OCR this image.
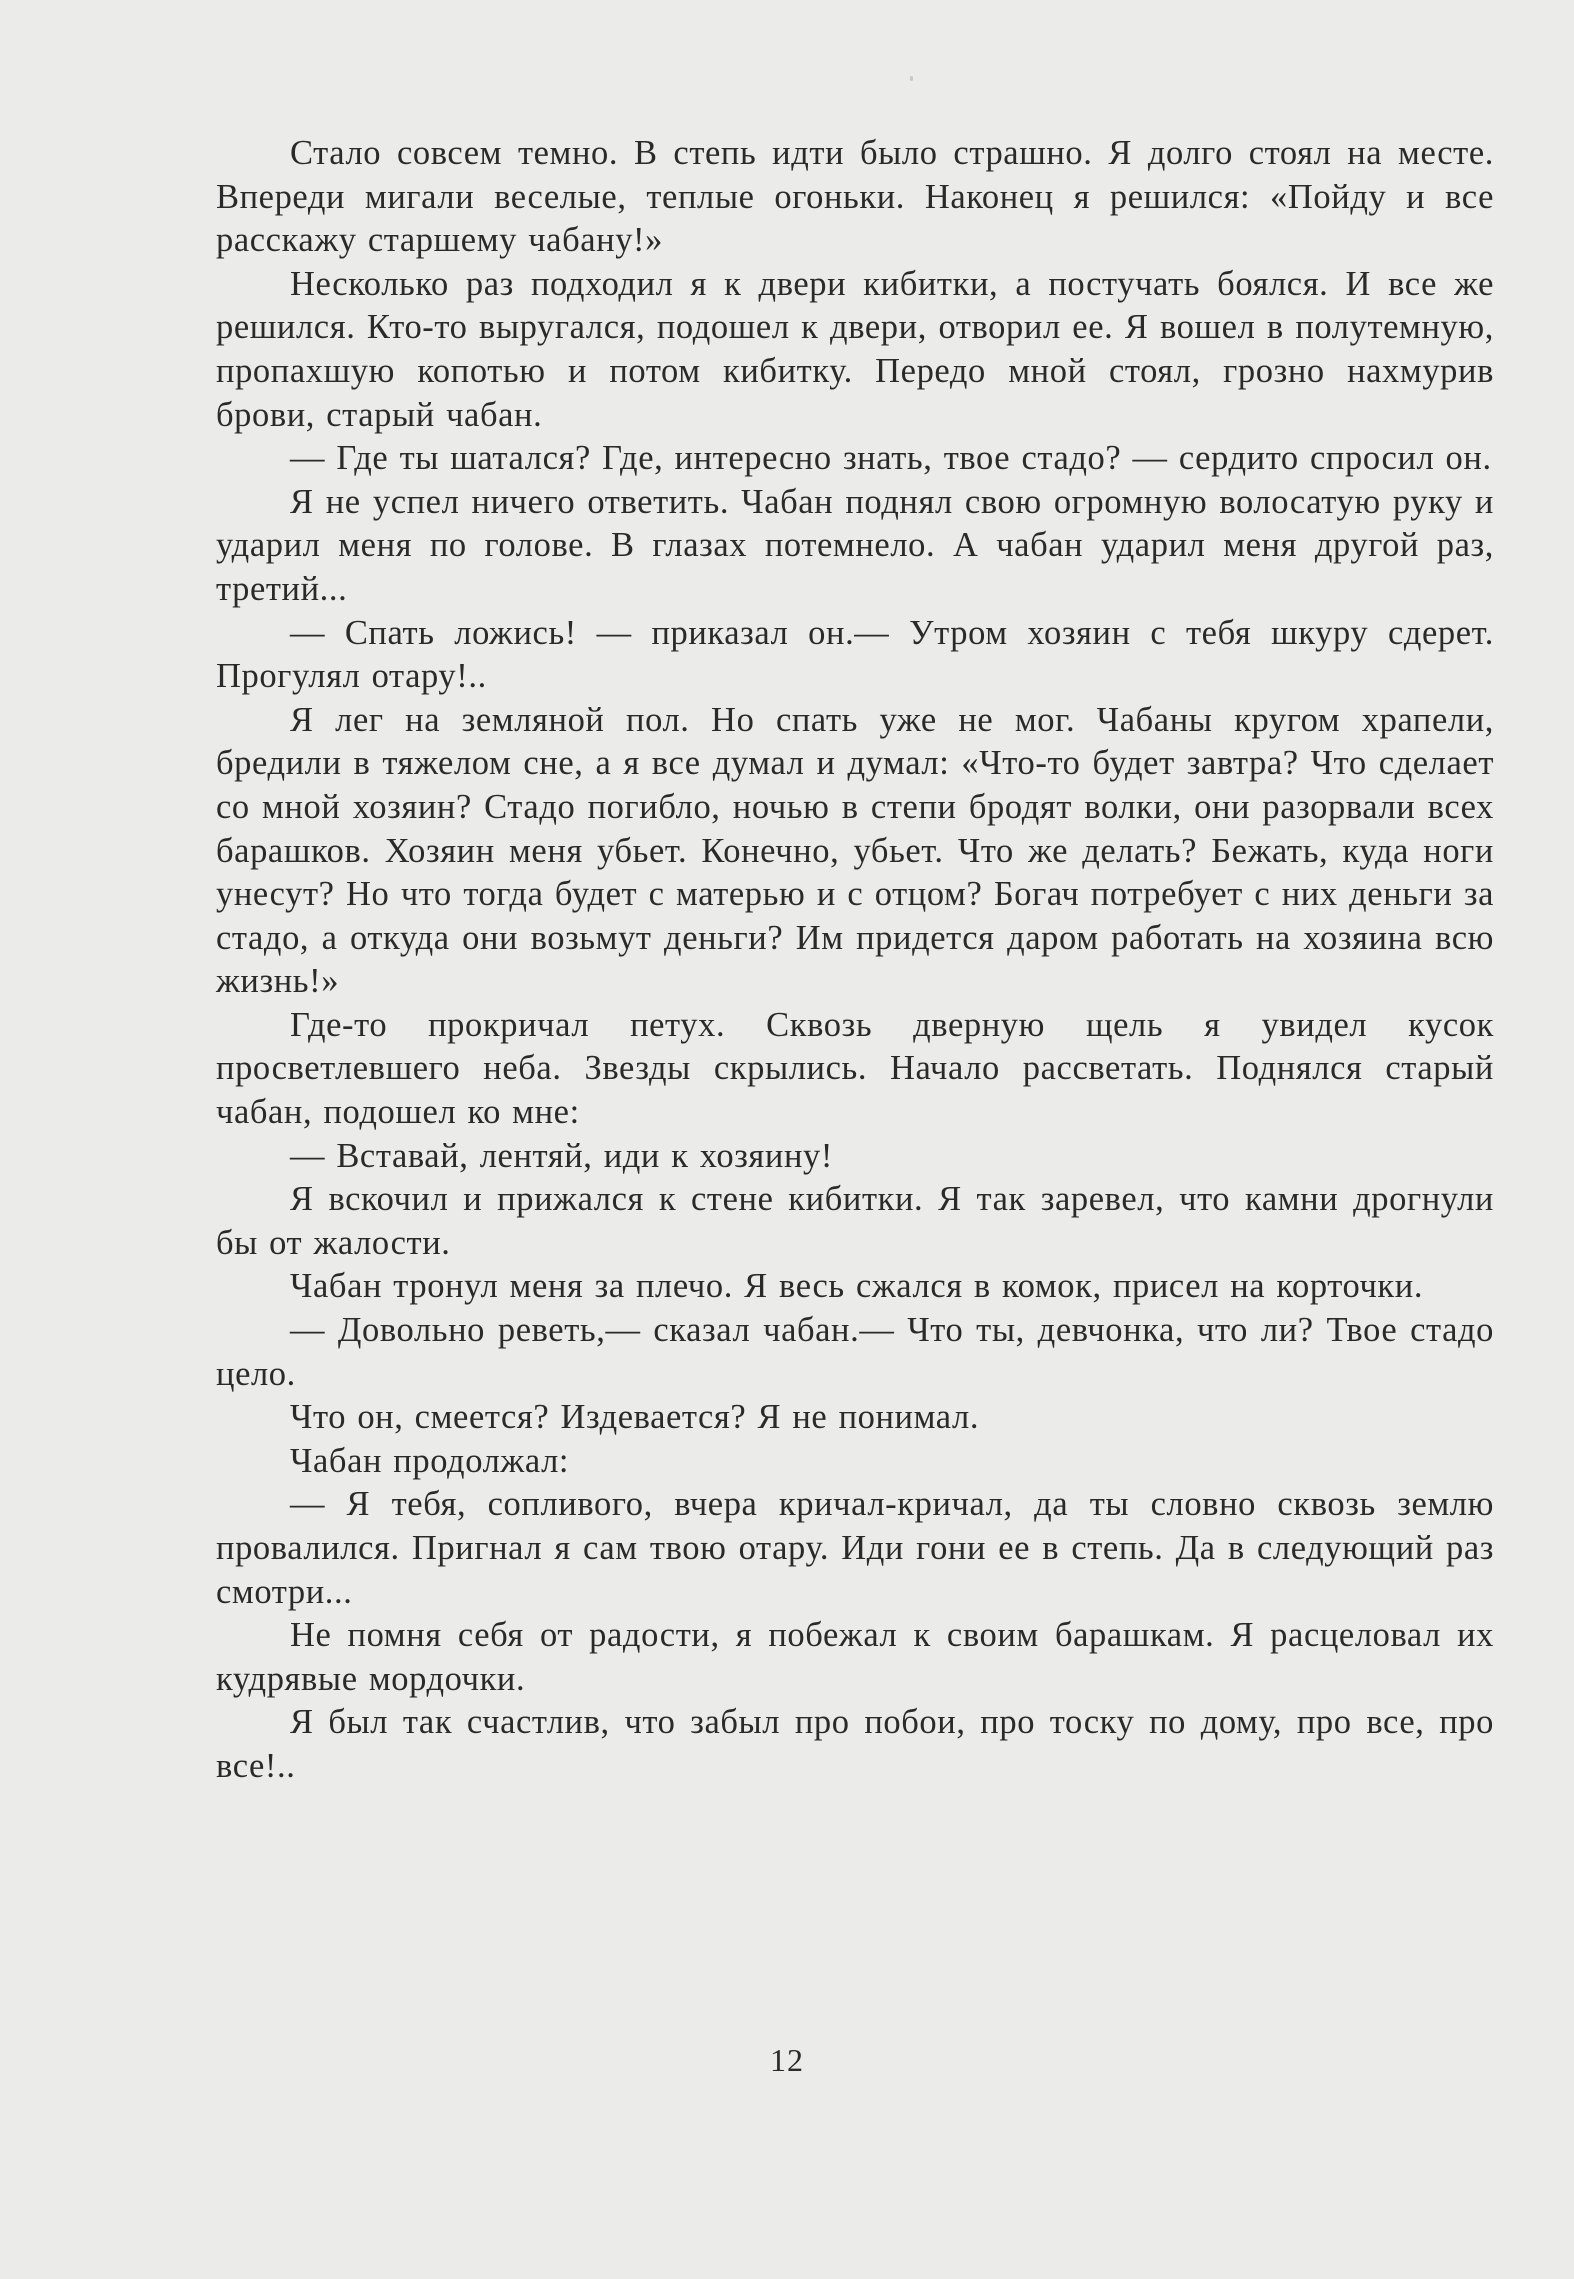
Стало совсем темно. В степь идти было страшно. Я долго стоял на месте. Впереди мигали веселые, теплые огоньки. Наконец я решился: «Пойду и все расскажу старшему чабану!»

Несколько раз подходил я к двери кибитки, а постучать боялся. И все же решился. Кто-то выругался, подошел к двери, отворил ее. Я вошел в полутемную, пропахшую копотью и потом кибитку. Передо мной стоял, грозно нахмурив брови, старый чабан.

— Где ты шатался? Где, интересно знать, твое стадо? — сердито спросил он.

Я не успел ничего ответить. Чабан поднял свою огромную волосатую руку и ударил меня по голове. В глазах потемнело. А чабан ударил меня другой раз, третий...

— Спать ложись! — приказал он.— Утром хозяин с тебя шкуру сдерет. Прогулял отару!..

Я лег на земляной пол. Но спать уже не мог. Чабаны кругом храпели, бредили в тяжелом сне, а я все думал и думал: «Что-то будет завтра? Что сделает со мной хозяин? Стадо погибло, ночью в степи бродят волки, они разорвали всех барашков. Хозяин меня убьет. Конечно, убьет. Что же делать? Бежать, куда ноги унесут? Но что тогда будет с матерью и с отцом? Богач потребует с них деньги за стадо, а откуда они возьмут деньги? Им придется даром работать на хозяина всю жизнь!»

Где-то прокричал петух. Сквозь дверную щель я увидел кусок просветлевшего неба. Звезды скрылись. Начало рассветать. Поднялся старый чабан, подошел ко мне:

— Вставай, лентяй, иди к хозяину!

Я вскочил и прижался к стене кибитки. Я так заревел, что камни дрогнули бы от жалости.

Чабан тронул меня за плечо. Я весь сжался в комок, присел на корточки.

— Довольно реветь,— сказал чабан.— Что ты, девчонка, что ли? Твое стадо цело.

Что он, смеется? Издевается? Я не понимал.

Чабан продолжал:

— Я тебя, сопливого, вчера кричал-кричал, да ты словно сквозь землю провалился. Пригнал я сам твою отару. Иди гони ее в степь. Да в следующий раз смотри...

Не помня себя от радости, я побежал к своим барашкам. Я расцеловал их кудрявые мордочки.

Я был так счастлив, что забыл про побои, про тоску по дому, про все, про все!..

12
